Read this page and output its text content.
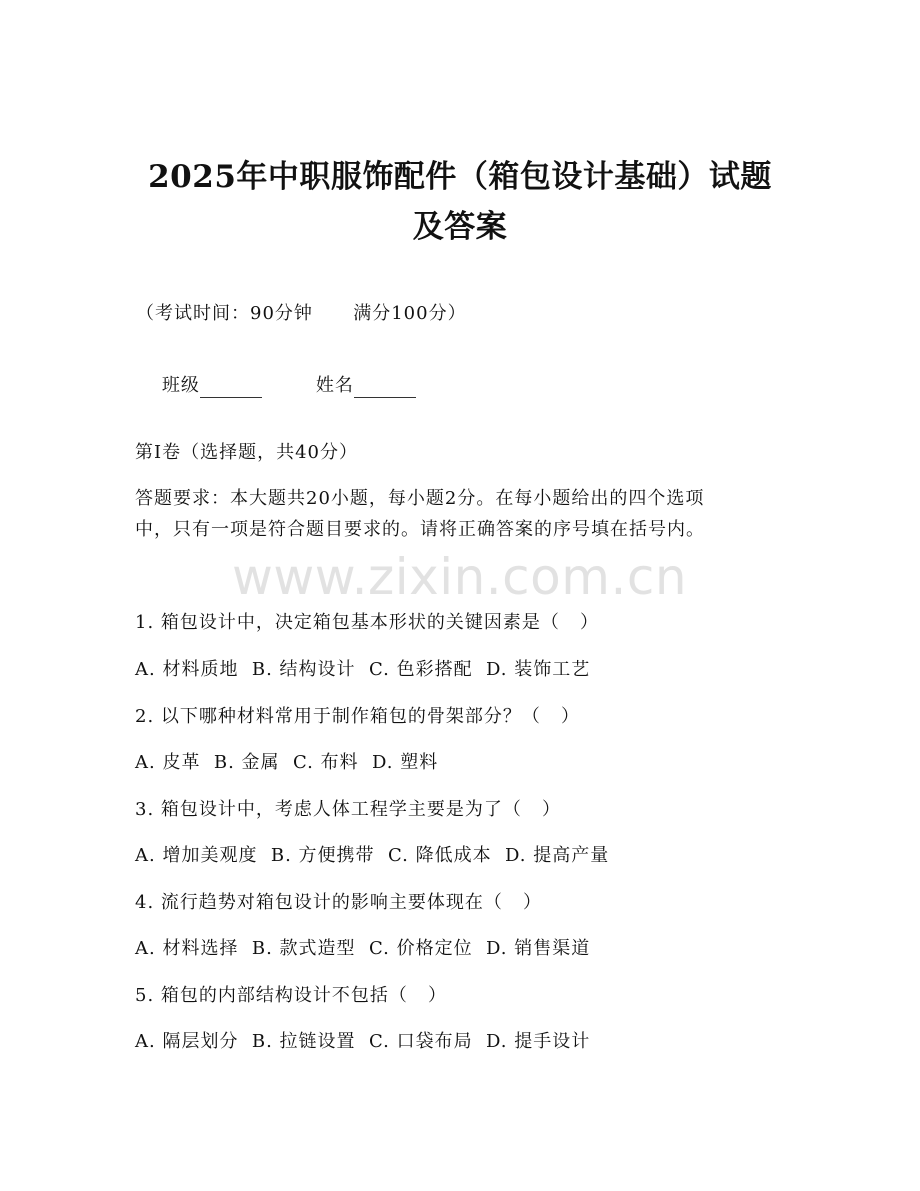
2025年中职服饰配件（箱包设计基础）试题
及答案
（考试时间：90分钟      满分100分）

班级	姓名

第I卷（选择题，共40分）
答题要求：本大题共20小题，每小题2分。在每小题给出的四个选项
中，只有一项是符合题目要求的。请将正确答案的序号填在括号内。
www.zixin.com.cn
1. 箱包设计中，决定箱包基本形状的关键因素是（   ）
A. 材料质地  B. 结构设计  C. 色彩搭配  D. 装饰工艺
2. 以下哪种材料常用于制作箱包的骨架部分？（   ）
A. 皮革  B. 金属  C. 布料  D. 塑料
3. 箱包设计中，考虑人体工程学主要是为了（   ）
A. 增加美观度  B. 方便携带  C. 降低成本  D. 提高产量
4. 流行趋势对箱包设计的影响主要体现在（   ）
A. 材料选择  B. 款式造型  C. 价格定位  D. 销售渠道
5. 箱包的内部结构设计不包括（   ）
A. 隔层划分  B. 拉链设置  C. 口袋布局  D. 提手设计
